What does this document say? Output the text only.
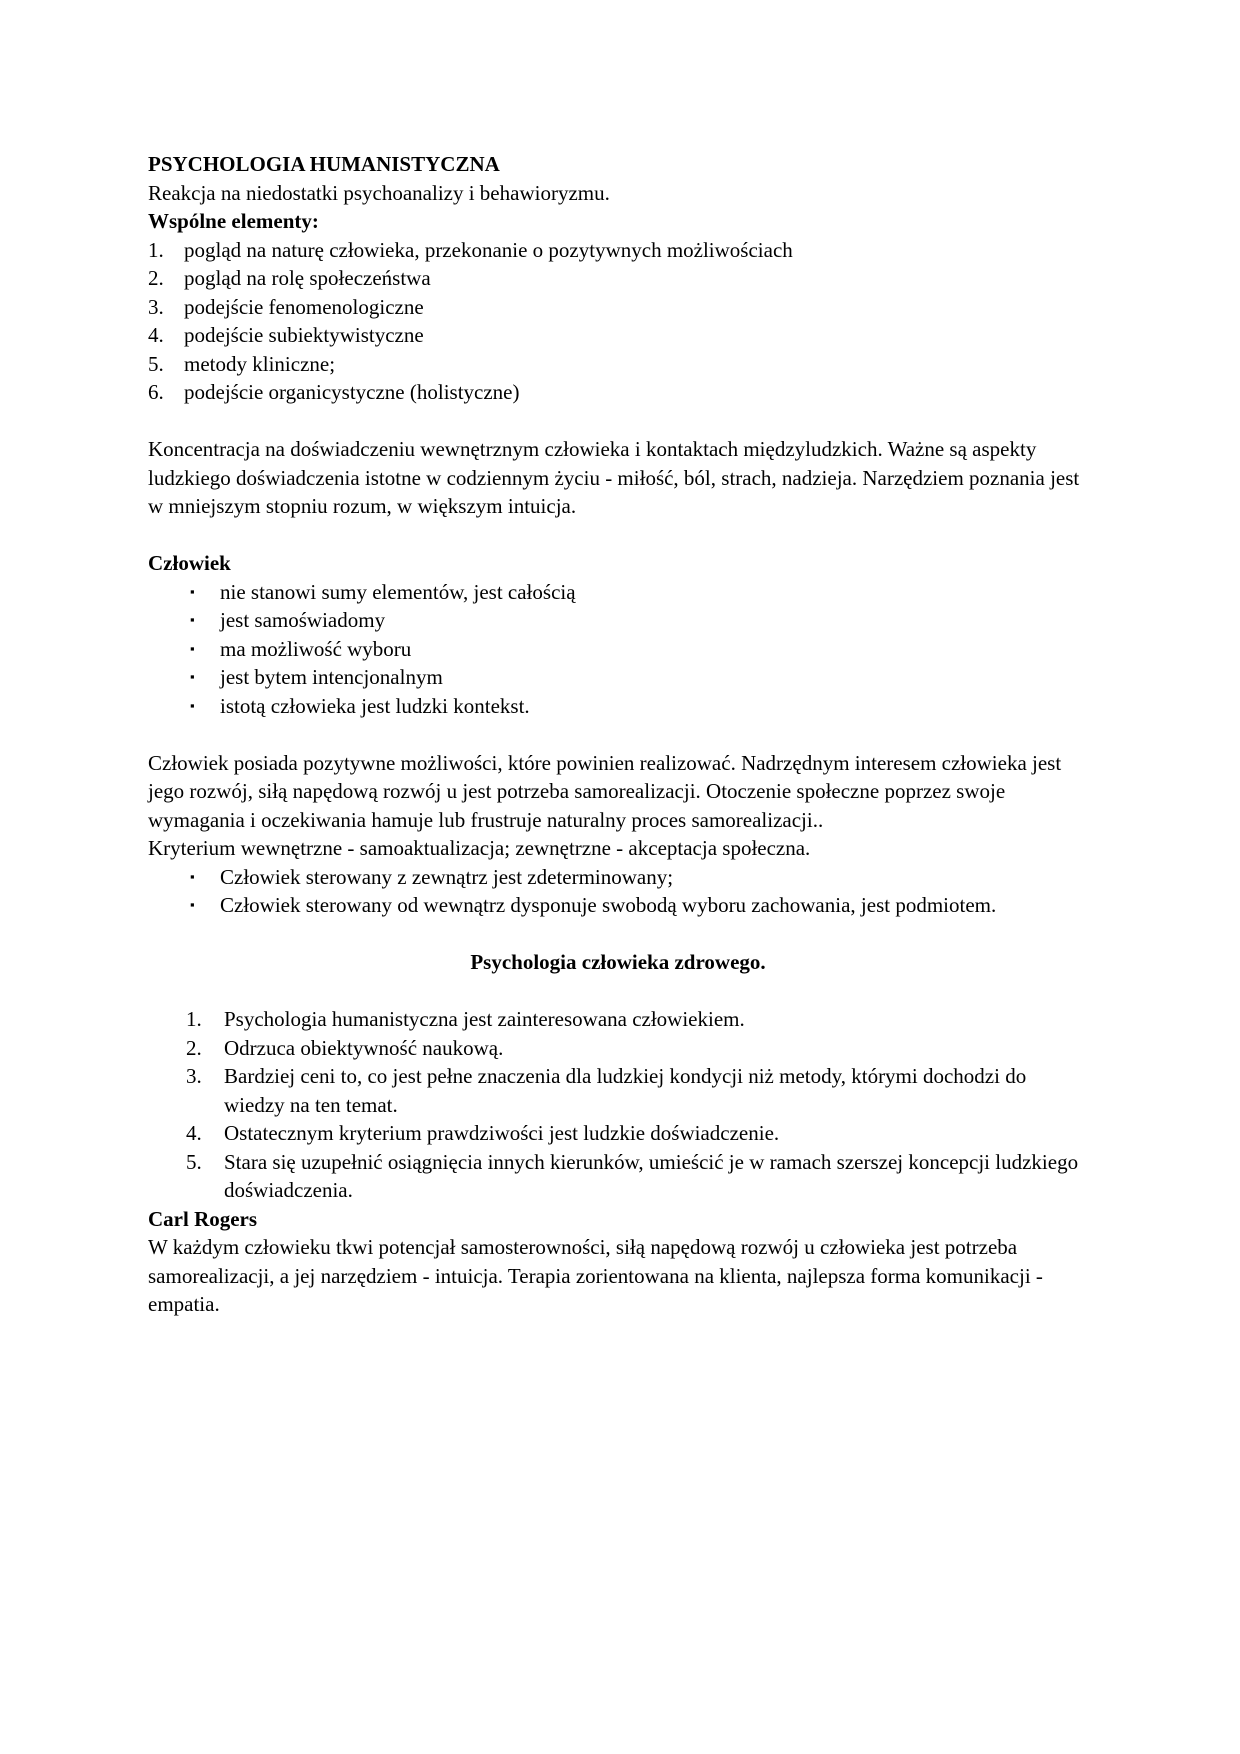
PSYCHOLOGIA HUMANISTYCZNA

Reakcja na niedostatki psychoanalizy i behawioryzmu.

Wspólne elementy:

1. pogląd na naturę człowieka, przekonanie o pozytywnych możliwościach
2. pogląd na rolę społeczeństwa
3. podejście fenomenologiczne
4. podejście subiektywistyczne
5. metody kliniczne;
6. podejście organicystyczne (holistyczne)

Koncentracja na doświadczeniu wewnętrznym człowieka i kontaktach międzyludzkich. Ważne są aspekty ludzkiego doświadczenia istotne w codziennym życiu - miłość, ból, strach, nadzieja. Narzędziem poznania jest w mniejszym stopniu rozum, w większym intuicja.

Człowiek

▪ nie stanowi sumy elementów, jest całością
▪ jest samoświadomy
▪ ma możliwość wyboru
▪ jest bytem intencjonalnym
▪ istotą człowieka jest ludzki kontekst.

Człowiek posiada pozytywne możliwości, które powinien realizować. Nadrzędnym interesem człowieka jest jego rozwój, siłą napędową rozwój u jest potrzeba samorealizacji. Otoczenie społeczne poprzez swoje wymagania i oczekiwania hamuje lub frustruje naturalny proces samorealizacji..

Kryterium wewnętrzne - samoaktualizacja; zewnętrzne - akceptacja społeczna.

▪ Człowiek sterowany z zewnątrz jest zdeterminowany;
▪ Człowiek sterowany od wewnątrz dysponuje swobodą wyboru zachowania, jest podmiotem.

Psychologia człowieka zdrowego.

1. Psychologia humanistyczna jest zainteresowana człowiekiem.
2. Odrzuca obiektywność naukową.
3. Bardziej ceni to, co jest pełne znaczenia dla ludzkiej kondycji niż metody, którymi dochodzi do wiedzy na ten temat.
4. Ostatecznym kryterium prawdziwości jest ludzkie doświadczenie.
5. Stara się uzupełnić osiągnięcia innych kierunków, umieścić je w ramach szerszej koncepcji ludzkiego doświadczenia.

Carl Rogers

W każdym człowieku tkwi potencjał samosterowności, siłą napędową rozwój u człowieka jest potrzeba samorealizacji, a jej narzędziem - intuicja. Terapia zorientowana na klienta, najlepsza forma komunikacji - empatia.
